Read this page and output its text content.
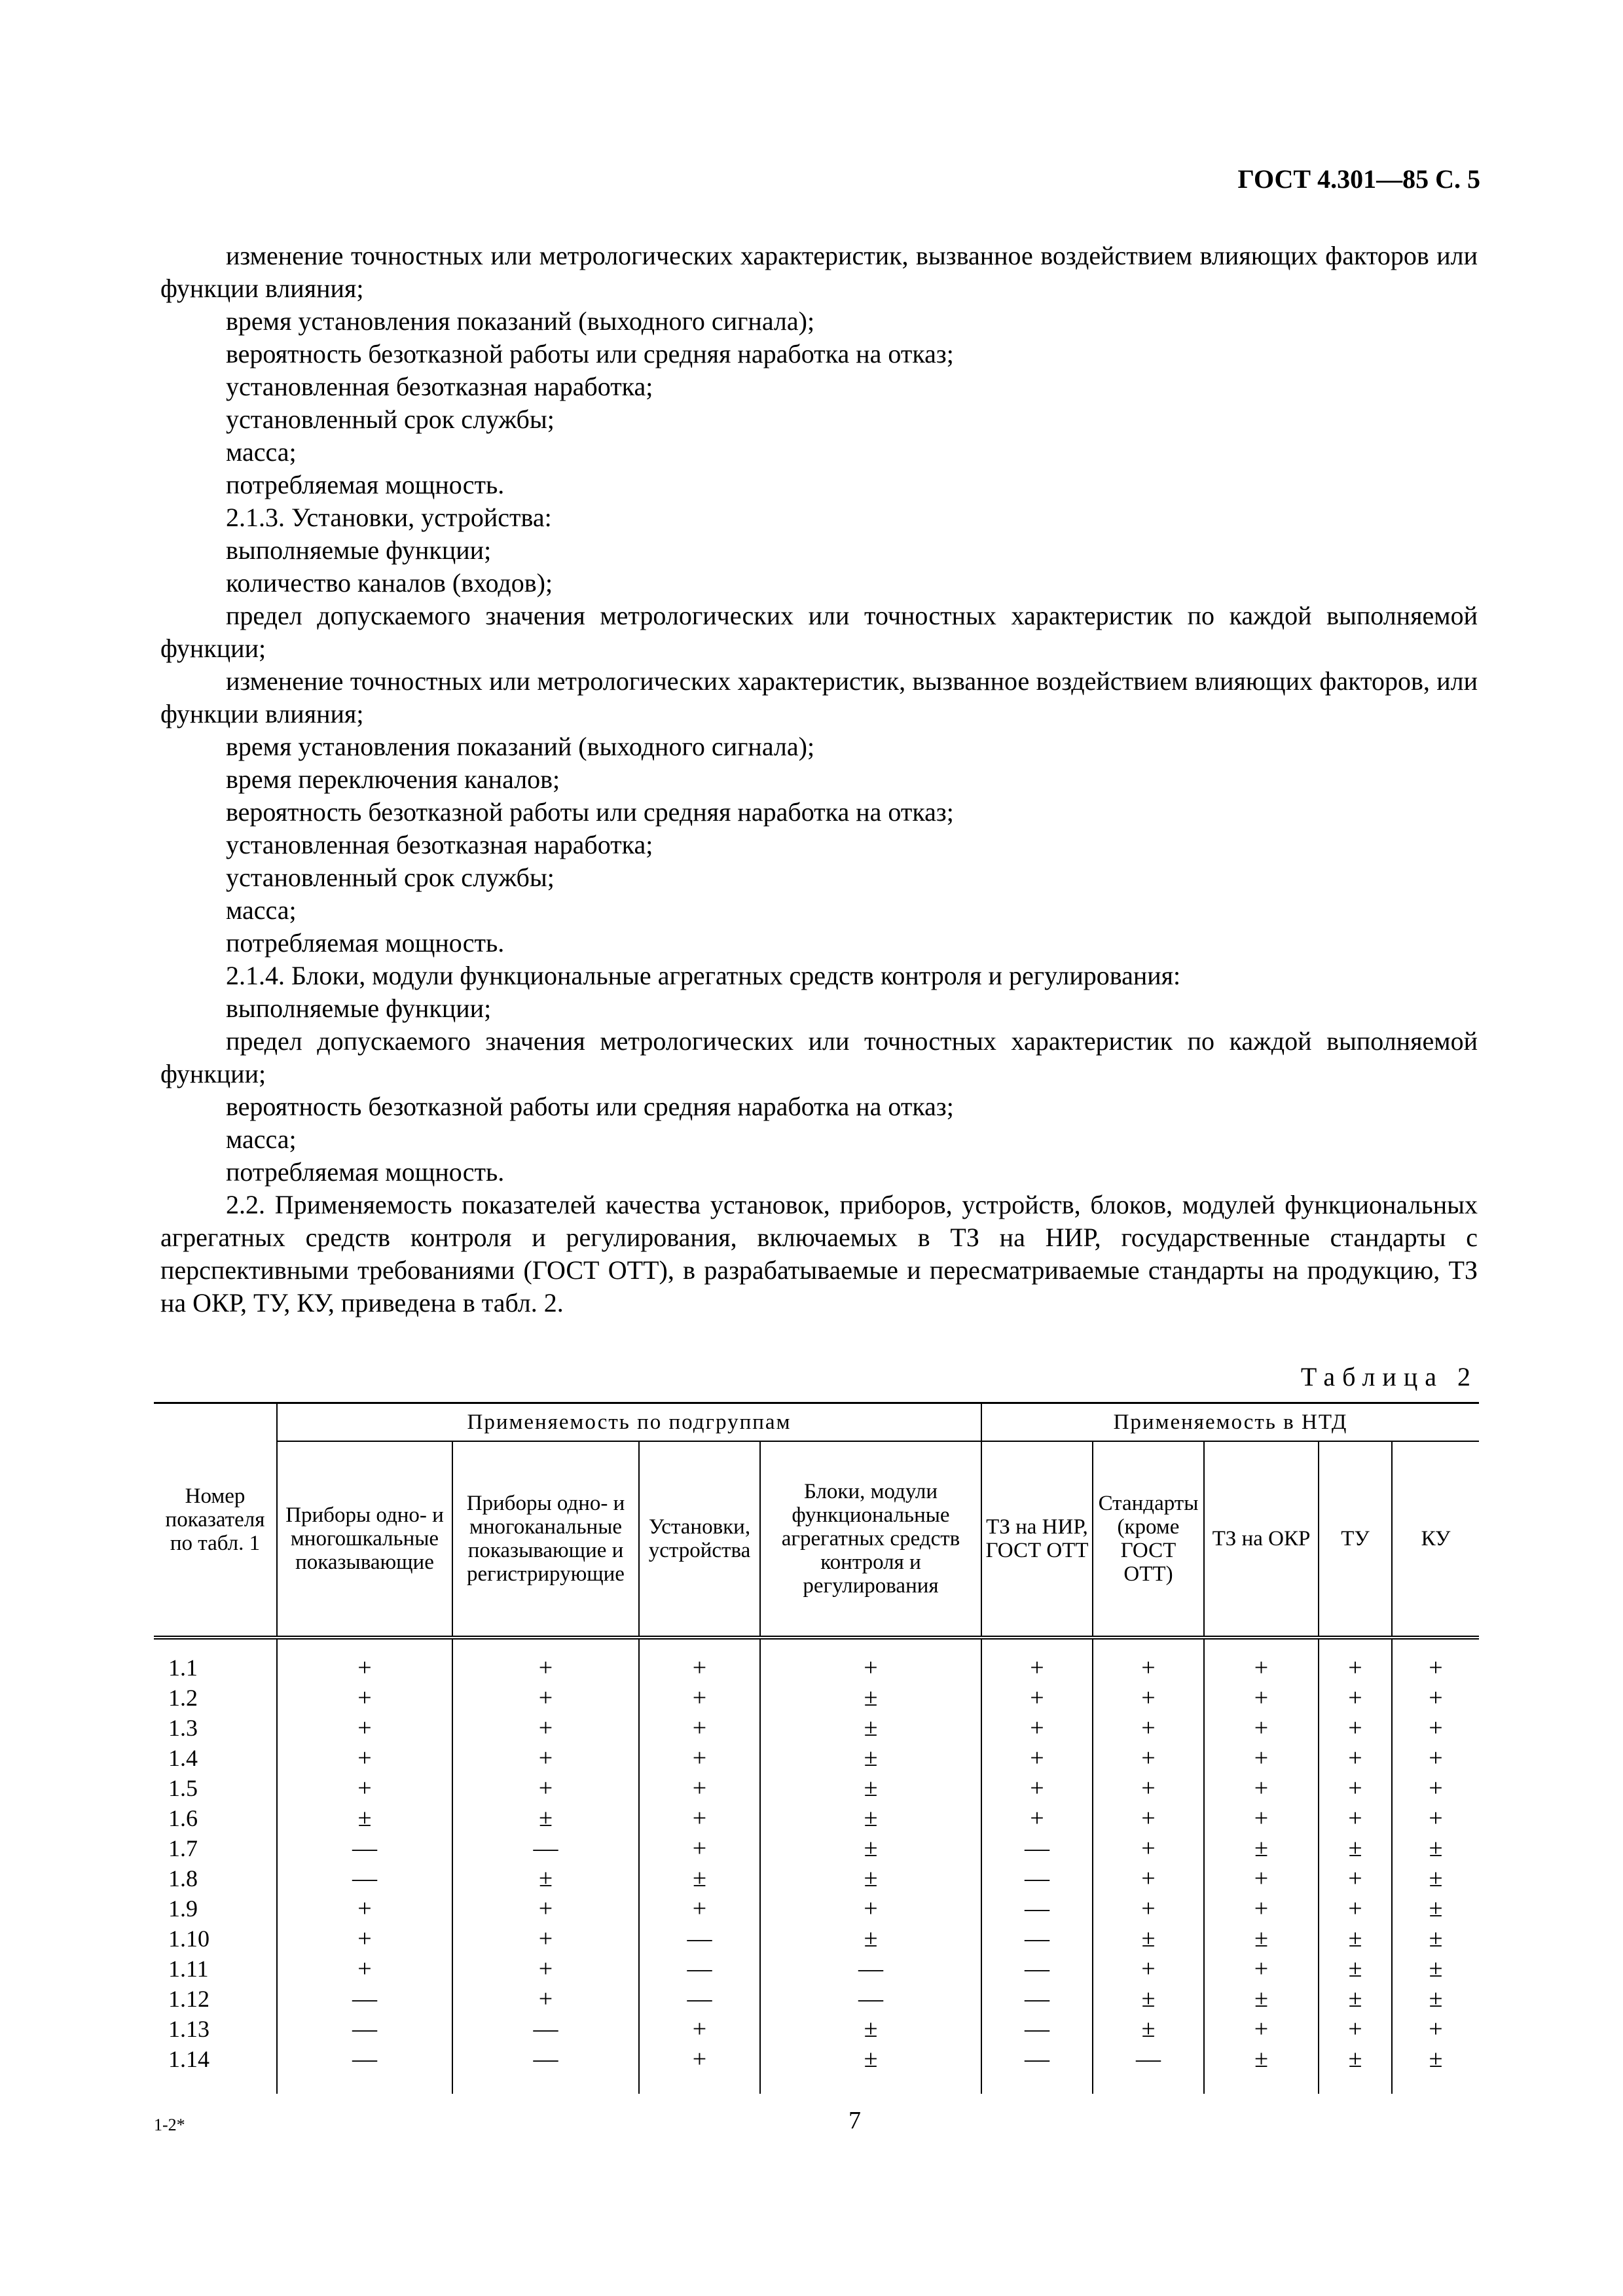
ГОСТ 4.301—85 С. 5

изменение точностных или метрологических характеристик, вызванное воздействием влияющих факторов или функции влияния;

время установления показаний (выходного сигнала);

вероятность безотказной работы или средняя наработка на отказ;

установленная безотказная наработка;

установленный срок службы;

масса;

потребляемая мощность.

2.1.3. Установки, устройства:

выполняемые функции;

количество каналов (входов);

предел допускаемого значения метрологических или точностных характеристик по каждой выполняемой функции;

изменение точностных или метрологических характеристик, вызванное воздействием влияющих факторов, или функции влияния;

время установления показаний (выходного сигнала);

время переключения каналов;

вероятность безотказной работы или средняя наработка на отказ;

установленная безотказная наработка;

установленный срок службы;

масса;

потребляемая мощность.

2.1.4. Блоки, модули функциональные агрегатных средств контроля и регулирования:

выполняемые функции;

предел допускаемого значения метрологических или точностных характеристик по каждой выполняемой функции;

вероятность безотказной работы или средняя наработка на отказ;

масса;

потребляемая мощность.

2.2. Применяемость показателей качества установок, приборов, устройств, блоков, модулей функциональных агрегатных средств контроля и регулирования, включаемых в ТЗ на НИР, государственные стандарты с перспективными требованиями (ГОСТ ОТТ), в разрабатываемые и пересматриваемые стандарты на продукцию, ТЗ на ОКР, ТУ, КУ, приведена в табл. 2.

Таблица 2
Номер показателя по табл. 1	Применяемость по подгруппам				Применяемость в НТД				
	Приборы одно- и многошкальные показывающие	Приборы одно- и многоканальные показывающие и регистрирующие	Установки, устройства	Блоки, модули функциональные агрегатных средств контроля и регулирования	ТЗ на НИР, ГОСТ ОТТ	Стандарты (кроме ГОСТ ОТТ)	ТЗ на ОКР	ТУ	КУ
1.1	+	+	+	+	+	+	+	+	+
1.2	+	+	+	±	+	+	+	+	+
1.3	+	+	+	±	+	+	+	+	+
1.4	+	+	+	±	+	+	+	+	+
1.5	+	+	+	±	+	+	+	+	+
1.6	±	±	+	±	+	+	+	+	+
1.7	—	—	+	±	—	+	±	±	±
1.8	—	±	±	±	—	+	+	+	±
1.9	+	+	+	+	—	+	+	+	±
1.10	+	+	—	±	—	±	±	±	±
1.11	+	+	—	—	—	+	+	±	±
1.12	—	+	—	—	—	±	±	±	±
1.13	—	—	+	±	—	±	+	+	+
1.14	—	—	+	±	—	—	±	±	±
1-2*	7
